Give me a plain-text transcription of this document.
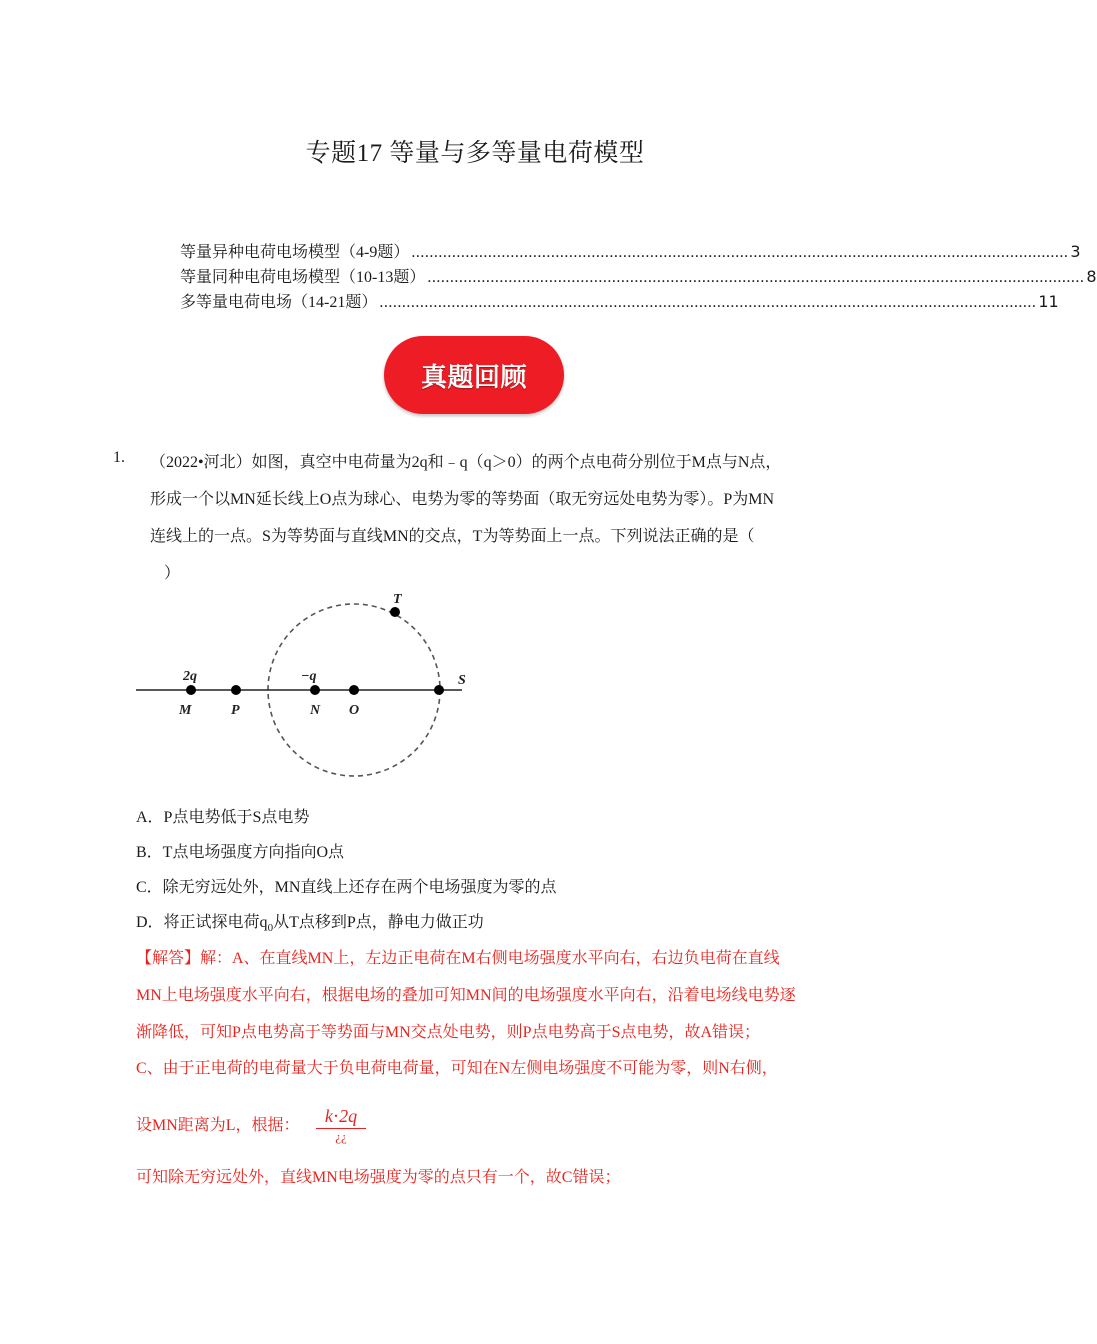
专题17 等量与多等量电荷模型
等量异种电荷电场模型（4-9题） .................................................................................................................................................. 3
等量同种电荷电场模型（10-13题） .................................................................................................................................................. 8
多等量电荷电场（14-21题） .................................................................................................................................................. 11
真题回顾
1. （2022•河北）如图，真空中电荷量为2q和﹣q（q＞0）的两个点电荷分别位于M点与N点，
形成一个以MN延长线上O点为球心、电势为零的等势面（取无穷远处电势为零）。P为MN
连线上的一点。S为等势面与直线MN的交点，T为等势面上一点。下列说法正确的是（
）
2q	−q
M	P	N O
S
T
A．P点电势低于S点电势
B．T点电场强度方向指向O点
C．除无穷远处外，MN直线上还存在两个电场强度为零的点
D．将正试探电荷$q_0$从T点移到P点，静电力做正功
【解答】解：A、在直线MN上，左边正电荷在M右侧电场强度水平向右，右边负电荷在直线
MN上电场强度水平向右，根据电场的叠加可知MN间的电场强度水平向右，沿着电场线电势逐
渐降低，可知P点电势高于等势面与MN交点处电势，则P点电势高于S点电势，故A错误；
C、由于正电荷的电荷量大于负电荷电荷量，可知在N左侧电场强度不可能为零，则N右侧，
设MN距离为L，根据：	k⋅2q
¿¿
可知除无穷远处外，直线MN电场强度为零的点只有一个，故C错误；
